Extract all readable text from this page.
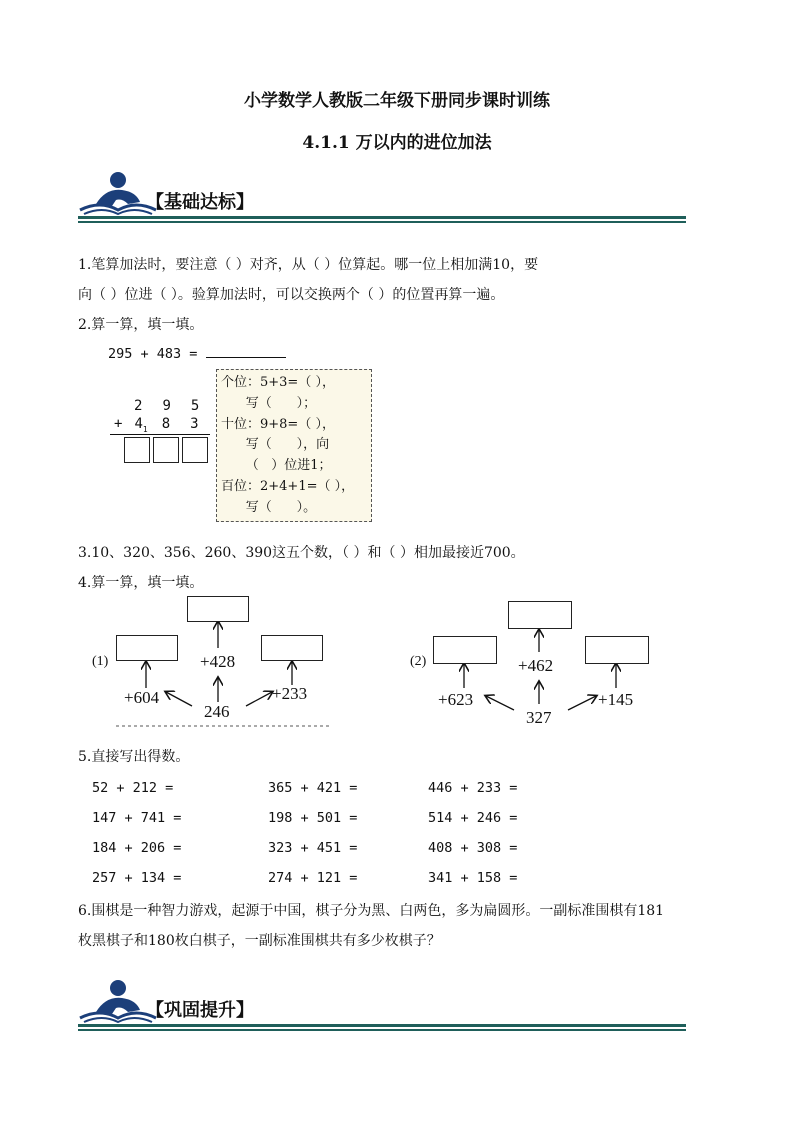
小学数学人教版二年级下册同步课时训练
4.1.1 万以内的进位加法
【基础达标】
1.笔算加法时，要注意（ ）对齐，从（ ）位算起。哪一位上相加满10，要
向（ ）位进（ ）。验算加法时，可以交换两个（ ）的位置再算一遍。
2.算一算，填一填。
295 + 483 =
2 9 5
+ $4_1$ 8 3
个位：5+3=（ ），
写（      ）；
十位：9+8=（ ），
写（      ），向
（   ）位进1；
百位：2+4+1=（ ），
写（      ）。
3.10、320、356、260、390这五个数，（ ）和（ ）相加最接近700。
4.算一算，填一填。
(1)	+428
+604	+233
246
(2)	+462
+623	+145
327
5.直接写出得数。
52 + 212 =	365 + 421 =	446 + 233 =
147 + 741 =	198 + 501 =	514 + 246 =
184 + 206 =	323 + 451 =	408 + 308 =
257 + 134 =	274 + 121 =	341 + 158 =
6.围棋是一种智力游戏，起源于中国，棋子分为黑、白两色，多为扁圆形。一副标准围棋有181
枚黑棋子和180枚白棋子，一副标准围棋共有多少枚棋子？
【巩固提升】
